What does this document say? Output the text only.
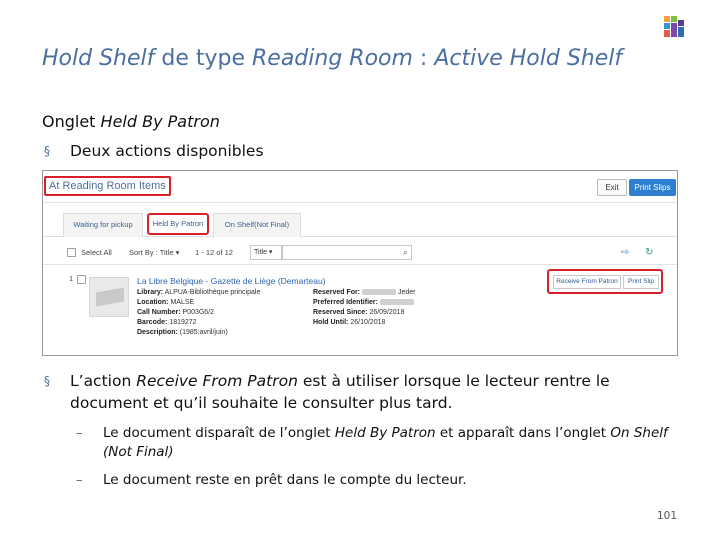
Hold Shelf de type Reading Room : Active Hold Shelf
Onglet Held By Patron
§	Deux actions disponibles
At Reading Room Items	Exit	Print Slips
Waiting for pickup	Held By Patron	On Shelf(Not Final)
Select All Sort By : Title ▾ 1 - 12 of 12	Title ▾	⌕	⇨ ↻
1	La Libre Belgique - Gazette de Liège (Demarteau)
Library: ALPUA-Bibliothèque principale
Location: MALSE
Call Number: P003G6/2
Barcode: 1819272
Description: (1985:avril/juin)
Reserved For:	Jeder
Preferred Identifier:
Reserved Since: 26/09/2018
Hold Until: 26/10/2018
Receive From Patron	Print Slip
§	L’action Receive From Patron est à utiliser lorsque le lecteur rentre le document et qu’il souhaite le consulter plus tard.
–	Le document disparaît de l’onglet Held By Patron et apparaît dans l’onglet On Shelf (Not Final)
–	Le document reste en prêt dans le compte du lecteur.
101
